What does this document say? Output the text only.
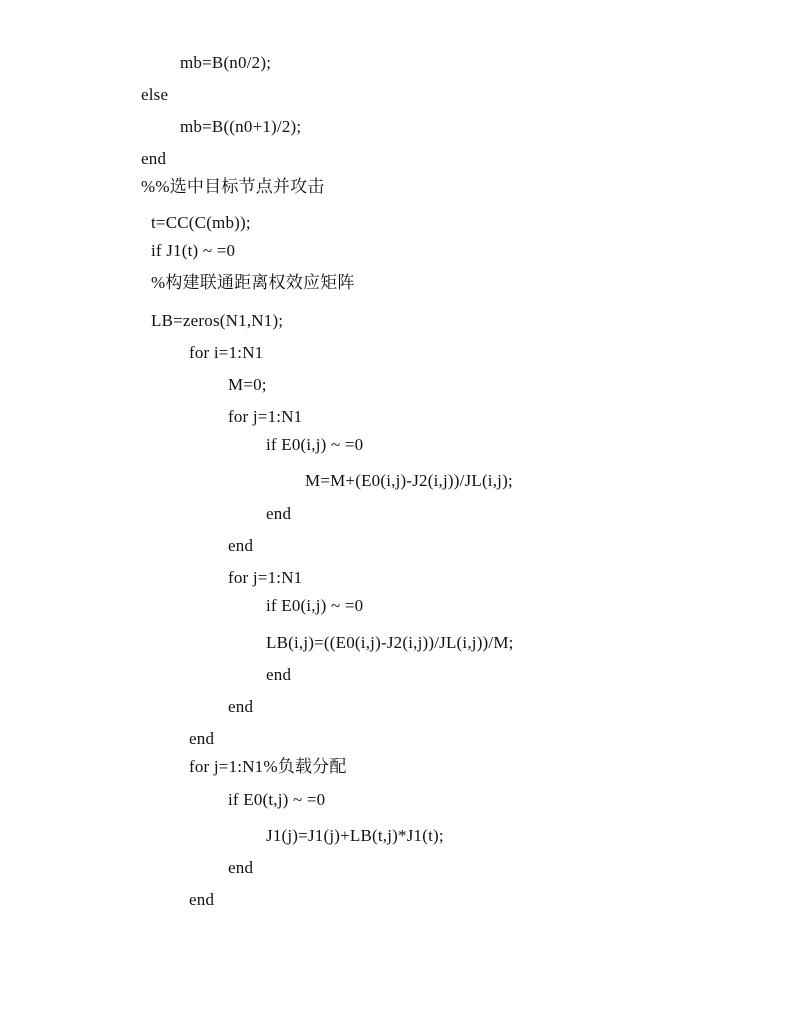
mb=B(n0/2);
else
mb=B((n0+1)/2);
end
%%选中目标节点并攻击
t=CC(C(mb));
if J1(t) ~ =0
%构建联通距离权效应矩阵
LB=zeros(N1,N1);
for i=1:N1
M=0;
for j=1:N1
if E0(i,j) ~ =0
M=M+(E0(i,j)-J2(i,j))/JL(i,j);
end
end
for j=1:N1
if E0(i,j) ~ =0
LB(i,j)=((E0(i,j)-J2(i,j))/JL(i,j))/M;
end
end
end
for j=1:N1%负载分配
if E0(t,j) ~ =0
J1(j)=J1(j)+LB(t,j)*J1(t);
end
end
